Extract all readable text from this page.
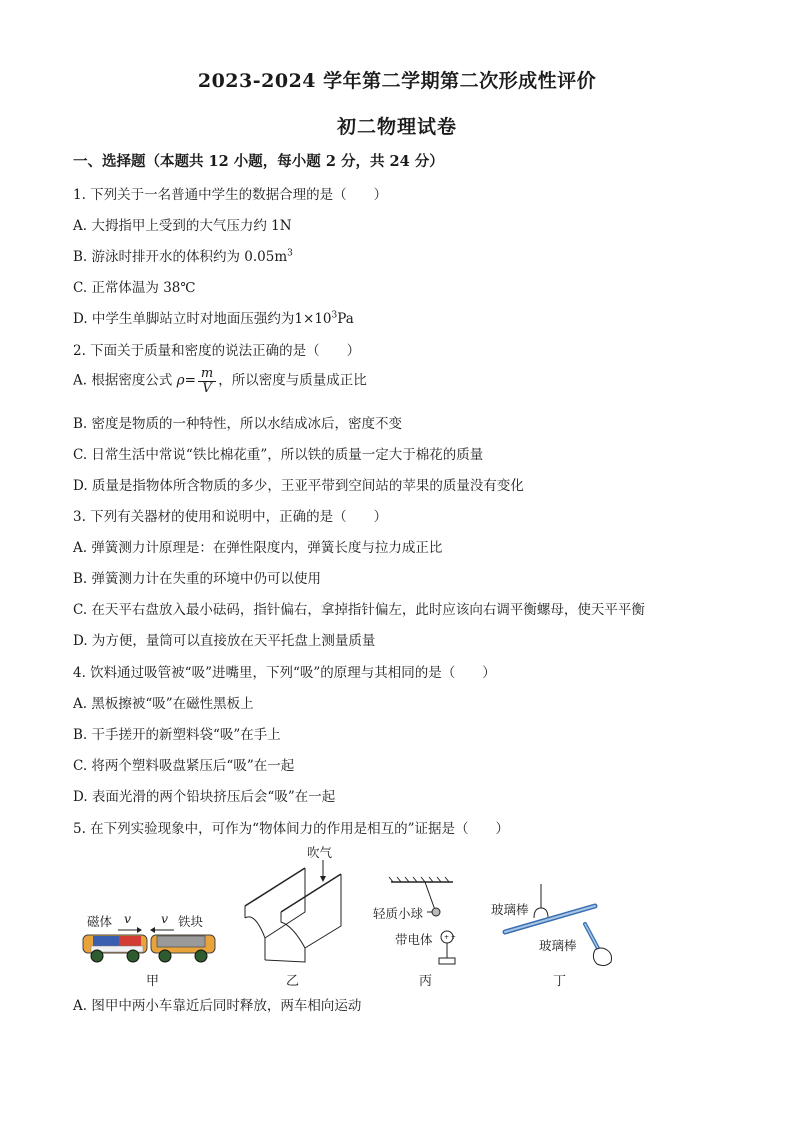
2023-2024 学年第二学期第二次形成性评价
初二物理试卷
一、选择题（本题共 12 小题，每小题 2 分，共 24 分）
1. 下列关于一名普通中学生的数据合理的是（　　）
A. 大拇指甲上受到的大气压力约 1N
B. 游泳时排开水的体积约为 $0.05m^3$
C. 正常体温为 38℃
D. 中学生单脚站立时对地面压强约为$1\times 10^3Pa$
2. 下面关于质量和密度的说法正确的是（　　）
A. 根据密度公式 $\rho= \frac{m}{V}$ ，所以密度与质量成正比
B. 密度是物质的一种特性，所以水结成冰后，密度不变
C. 日常生活中常说“铁比棉花重”，所以铁的质量一定大于棉花的质量
D. 质量是指物体所含物质的多少，王亚平带到空间站的苹果的质量没有变化
3. 下列有关器材的使用和说明中，正确的是（　　）
A. 弹簧测力计原理是：在弹性限度内，弹簧长度与拉力成正比
B. 弹簧测力计在失重的环境中仍可以使用
C. 在天平右盘放入最小砝码，指针偏右，拿掉指针偏左，此时应该向右调平衡螺母，使天平平衡
D. 为方便，量筒可以直接放在天平托盘上测量质量
4. 饮料通过吸管被“吸”进嘴里，下列“吸”的原理与其相同的是（　　）
A. 黑板擦被“吸”在磁性黑板上
B. 干手搓开的新塑料袋“吸”在手上
C. 将两个塑料吸盘紧压后“吸”在一起
D. 表面光滑的两个铅块挤压后会“吸”在一起
5. 在下列实验现象中，可作为“物体间力的作用是相互的”证据是（　　）
磁体	铁块
v v
甲
吹气
乙
轻质小球
带电体 + +
丙
玻璃棒
玻璃棒
丁
A. 图甲中两小车靠近后同时释放，两车相向运动
